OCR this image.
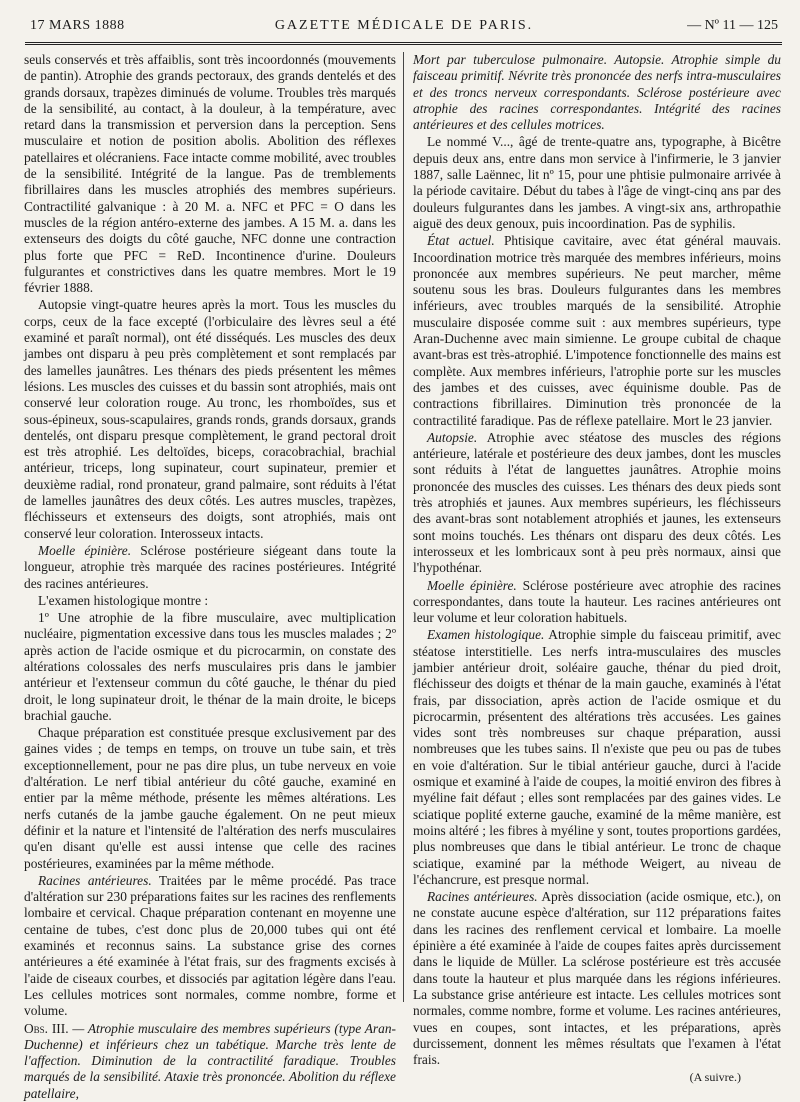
17 MARS 1888	GAZETTE MÉDICALE DE PARIS.	— Nº 11 — 125

seuls conservés et très affaiblis, sont très incoordonnés (mouvements de pantin). Atrophie des grands pectoraux, des grands dentelés et des grands dorsaux, trapèzes diminués de volume. Troubles très marqués de la sensibilité, au contact, à la douleur, à la température, avec retard dans la transmission et perversion dans la perception. Sens musculaire et notion de position abolis. Abolition des réflexes patellaires et olécraniens. Face intacte comme mobilité, avec troubles de la sensibilité. Intégrité de la langue. Pas de tremblements fibrillaires dans les muscles atrophiés des membres supérieurs. Contractilité galvanique : à 20 M. a. NFC et PFC = O dans les muscles de la région antéro-externe des jambes. A 15 M. a. dans les extenseurs des doigts du côté gauche, NFC donne une contraction plus forte que PFC = ReD. Incontinence d'urine. Douleurs fulgurantes et constrictives dans les quatre membres. Mort le 19 février 1888.

Autopsie vingt-quatre heures après la mort. Tous les muscles du corps, ceux de la face excepté (l'orbiculaire des lèvres seul a été examiné et paraît normal), ont été disséqués. Les muscles des deux jambes ont disparu à peu près complètement et sont remplacés par des lamelles jaunâtres. Les thénars des pieds présentent les mêmes lésions. Les muscles des cuisses et du bassin sont atrophiés, mais ont conservé leur coloration rouge. Au tronc, les rhomboïdes, sus et sous-épineux, sous-scapulaires, grands ronds, grands dorsaux, grands dentelés, ont disparu presque complètement, le grand pectoral droit est très atrophié. Les deltoïdes, biceps, coracobrachial, brachial antérieur, triceps, long supinateur, court supinateur, premier et deuxième radial, rond pronateur, grand palmaire, sont réduits à l'état de lamelles jaunâtres des deux côtés. Les autres muscles, trapèzes, fléchisseurs et extenseurs des doigts, sont atrophiés, mais ont conservé leur coloration. Interosseux intacts.

Moelle épinière. Sclérose postérieure siégeant dans toute la longueur, atrophie très marquée des racines postérieures. Intégrité des racines antérieures.

L'examen histologique montre :

1º Une atrophie de la fibre musculaire, avec multiplication nucléaire, pigmentation excessive dans tous les muscles malades ; 2º après action de l'acide osmique et du picrocarmin, on constate des altérations colossales des nerfs musculaires pris dans le jambier antérieur et l'extenseur commun du côté gauche, le thénar du pied droit, le long supinateur droit, le thénar de la main droite, le biceps brachial gauche.

Chaque préparation est constituée presque exclusivement par des gaines vides ; de temps en temps, on trouve un tube sain, et très exceptionnellement, pour ne pas dire plus, un tube nerveux en voie d'altération. Le nerf tibial antérieur du côté gauche, examiné en entier par la même méthode, présente les mêmes altérations. Les nerfs cutanés de la jambe gauche également. On ne peut mieux définir et la nature et l'intensité de l'altération des nerfs musculaires qu'en disant qu'elle est aussi intense que celle des racines postérieures, examinées par la même méthode.

Racines antérieures. Traitées par le même procédé. Pas trace d'altération sur 230 préparations faites sur les racines des renflements lombaire et cervical. Chaque préparation contenant en moyenne une centaine de tubes, c'est donc plus de 20,000 tubes qui ont été examinés et reconnus sains. La substance grise des cornes antérieures a été examinée à l'état frais, sur des fragments excisés à l'aide de ciseaux courbes, et dissociés par agitation légère dans l'eau. Les cellules motrices sont normales, comme nombre, forme et volume.

Obs. III. — Atrophie musculaire des membres supérieurs (type Aran-Duchenne) et inférieurs chez un tabétique. Marche très lente de l'affection. Diminution de la contractilité faradique. Troubles marqués de la sensibilité. Ataxie très prononcée. Abolition du réflexe patellaire,

Mort par tuberculose pulmonaire. Autopsie. Atrophie simple du faisceau primitif. Névrite très prononcée des nerfs intra-musculaires et des troncs nerveux correspondants. Sclérose postérieure avec atrophie des racines correspondantes. Intégrité des racines antérieures et des cellules motrices.

Le nommé V..., âgé de trente-quatre ans, typographe, à Bicêtre depuis deux ans, entre dans mon service à l'infirmerie, le 3 janvier 1887, salle Laënnec, lit nº 15, pour une phtisie pulmonaire arrivée à la période cavitaire. Début du tabes à l'âge de vingt-cinq ans par des douleurs fulgurantes dans les jambes. A vingt-six ans, arthropathie aiguë des deux genoux, puis incoordination. Pas de syphilis.

État actuel. Phtisique cavitaire, avec état général mauvais. Incoordination motrice très marquée des membres inférieurs, moins prononcée aux membres supérieurs. Ne peut marcher, même soutenu sous les bras. Douleurs fulgurantes dans les membres inférieurs, avec troubles marqués de la sensibilité. Atrophie musculaire disposée comme suit : aux membres supérieurs, type Aran-Duchenne avec main simienne. Le groupe cubital de chaque avant-bras est très-atrophié. L'impotence fonctionnelle des mains est complète. Aux membres inférieurs, l'atrophie porte sur les muscles des jambes et des cuisses, avec équinisme double. Pas de contractions fibrillaires. Diminution très prononcée de la contractilité faradique. Pas de réflexe patellaire. Mort le 23 janvier.

Autopsie. Atrophie avec stéatose des muscles des régions antérieure, latérale et postérieure des deux jambes, dont les muscles sont réduits à l'état de languettes jaunâtres. Atrophie moins prononcée des muscles des cuisses. Les thénars des deux pieds sont très atrophiés et jaunes. Aux membres supérieurs, les fléchisseurs des avant-bras sont notablement atrophiés et jaunes, les extenseurs sont moins touchés. Les thénars ont disparu des deux côtés. Les interosseux et les lombricaux sont à peu près normaux, ainsi que l'hypothénar.

Moelle épinière. Sclérose postérieure avec atrophie des racines correspondantes, dans toute la hauteur. Les racines antérieures ont leur volume et leur coloration habituels.

Examen histologique. Atrophie simple du faisceau primitif, avec stéatose interstitielle. Les nerfs intra-musculaires des muscles jambier antérieur droit, soléaire gauche, thénar du pied droit, fléchisseur des doigts et thénar de la main gauche, examinés à l'état frais, par dissociation, après action de l'acide osmique et du picrocarmin, présentent des altérations très accusées. Les gaines vides sont très nombreuses sur chaque préparation, aussi nombreuses que les tubes sains. Il n'existe que peu ou pas de tubes en voie d'altération. Sur le tibial antérieur gauche, durci à l'acide osmique et examiné à l'aide de coupes, la moitié environ des fibres à myéline fait défaut ; elles sont remplacées par des gaines vides. Le sciatique poplité externe gauche, examiné de la même manière, est moins altéré ; les fibres à myéline y sont, toutes proportions gardées, plus nombreuses que dans le tibial antérieur. Le tronc de chaque sciatique, examiné par la méthode Weigert, au niveau de l'échancrure, est presque normal.

Racines antérieures. Après dissociation (acide osmique, etc.), on ne constate aucune espèce d'altération, sur 112 préparations faites dans les racines des renflement cervical et lombaire. La moelle épinière a été examinée à l'aide de coupes faites après durcissement dans le liquide de Müller. La sclérose postérieure est très accusée dans toute la hauteur et plus marquée dans les régions inférieures. La substance grise antérieure est intacte. Les cellules motrices sont normales, comme nombre, forme et volume. Les racines antérieures, vues en coupes, sont intactes, et les préparations, après durcissement, donnent les mêmes résultats que l'examen à l'état frais.

(A suivre.)
